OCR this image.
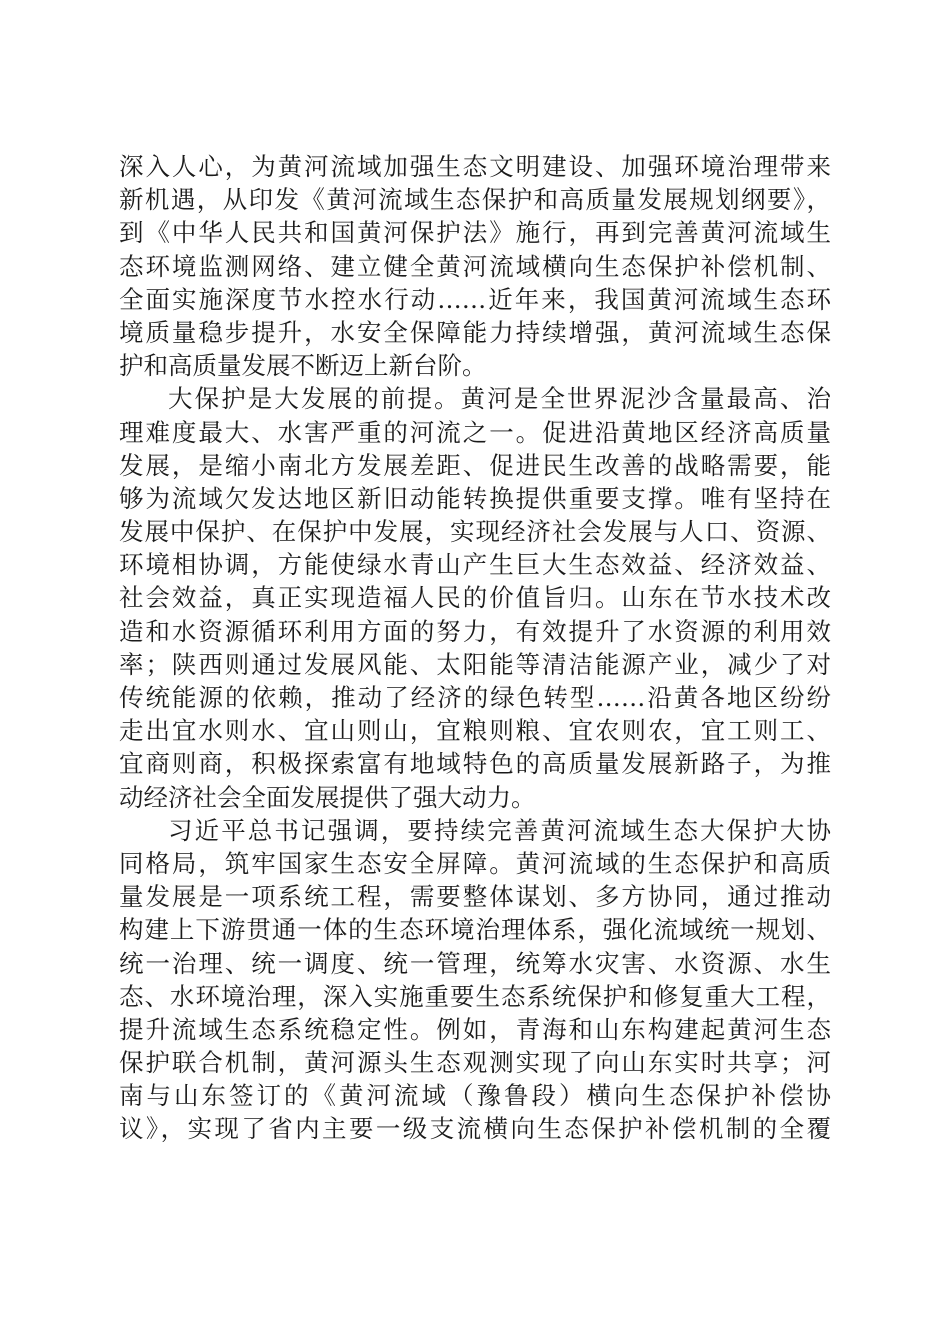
深入人心，为黄河流域加强生态文明建设、加强环境治理带来
新机遇，从印发《黄河流域生态保护和高质量发展规划纲要》，
到《中华人民共和国黄河保护法》施行，再到完善黄河流域生
态环境监测网络、建立健全黄河流域横向生态保护补偿机制、
全面实施深度节水控水行动……近年来，我国黄河流域生态环
境质量稳步提升，水安全保障能力持续增强，黄河流域生态保
护和高质量发展不断迈上新台阶。
大保护是大发展的前提。黄河是全世界泥沙含量最高、治
理难度最大、水害严重的河流之一。促进沿黄地区经济高质量
发展，是缩小南北方发展差距、促进民生改善的战略需要，能
够为流域欠发达地区新旧动能转换提供重要支撑。唯有坚持在
发展中保护、在保护中发展，实现经济社会发展与人口、资源、
环境相协调，方能使绿水青山产生巨大生态效益、经济效益、
社会效益，真正实现造福人民的价值旨归。山东在节水技术改
造和水资源循环利用方面的努力，有效提升了水资源的利用效
率；陕西则通过发展风能、太阳能等清洁能源产业，减少了对
传统能源的依赖，推动了经济的绿色转型……沿黄各地区纷纷
走出宜水则水、宜山则山，宜粮则粮、宜农则农，宜工则工、
宜商则商，积极探索富有地域特色的高质量发展新路子，为推
动经济社会全面发展提供了强大动力。
习近平总书记强调，要持续完善黄河流域生态大保护大协
同格局，筑牢国家生态安全屏障。黄河流域的生态保护和高质
量发展是一项系统工程，需要整体谋划、多方协同，通过推动
构建上下游贯通一体的生态环境治理体系，强化流域统一规划、
统一治理、统一调度、统一管理，统筹水灾害、水资源、水生
态、水环境治理，深入实施重要生态系统保护和修复重大工程，
提升流域生态系统稳定性。例如，青海和山东构建起黄河生态
保护联合机制，黄河源头生态观测实现了向山东实时共享；河
南与山东签订的《黄河流域（豫鲁段）横向生态保护补偿协
议》，实现了省内主要一级支流横向生态保护补偿机制的全覆
